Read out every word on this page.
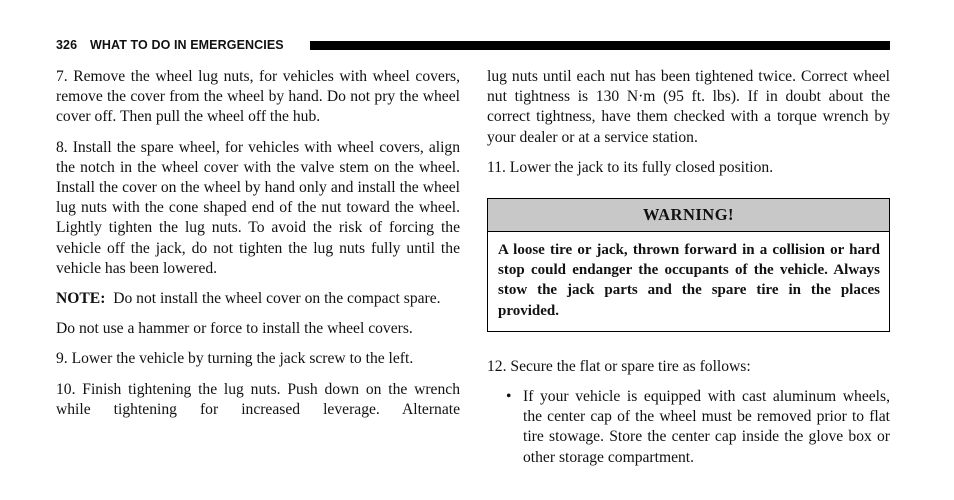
326 WHAT TO DO IN EMERGENCIES

7. Remove the wheel lug nuts, for vehicles with wheel covers, remove the cover from the wheel by hand. Do not pry the wheel cover off. Then pull the wheel off the hub.

8. Install the spare wheel, for vehicles with wheel covers, align the notch in the wheel cover with the valve stem on the wheel. Install the cover on the wheel by hand only and install the wheel lug nuts with the cone shaped end of the nut toward the wheel. Lightly tighten the lug nuts. To avoid the risk of forcing the vehicle off the jack, do not tighten the lug nuts fully until the vehicle has been lowered.

NOTE: Do not install the wheel cover on the compact spare.

Do not use a hammer or force to install the wheel covers.

9. Lower the vehicle by turning the jack screw to the left.

10. Finish tightening the lug nuts. Push down on the wrench while tightening for increased leverage. Alternate

lug nuts until each nut has been tightened twice. Correct wheel nut tightness is 130 N·m (95 ft. lbs). If in doubt about the correct tightness, have them checked with a torque wrench by your dealer or at a service station.

11. Lower the jack to its fully closed position.

WARNING!
A loose tire or jack, thrown forward in a collision or hard stop could endanger the occupants of the vehicle. Always stow the jack parts and the spare tire in the places provided.

12. Secure the flat or spare tire as follows:

• If your vehicle is equipped with cast aluminum wheels, the center cap of the wheel must be removed prior to flat tire stowage. Store the center cap inside the glove box or other storage compartment.
